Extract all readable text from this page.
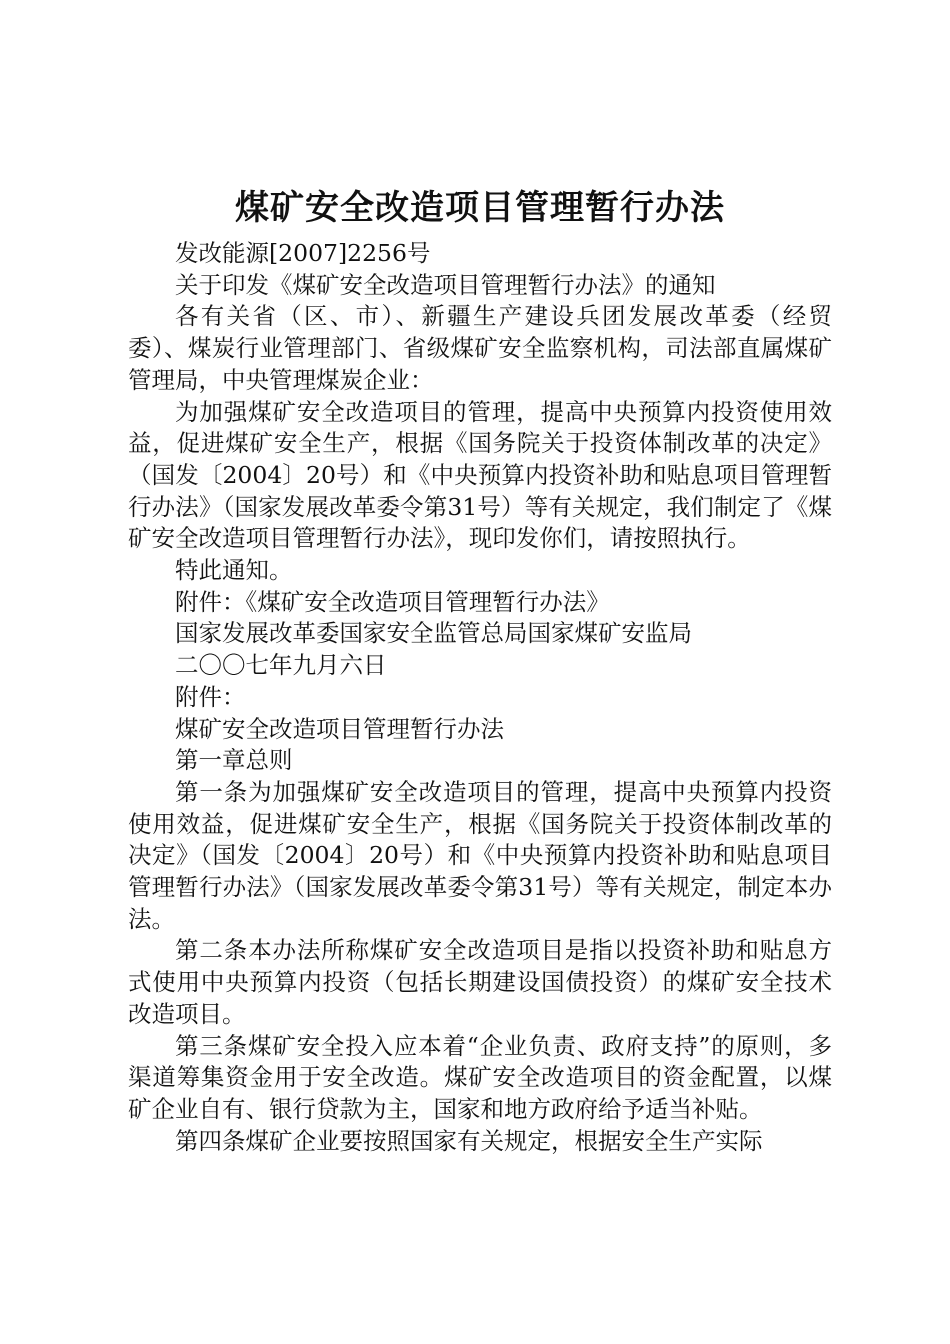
煤矿安全改造项目管理暂行办法

发改能源[2007]2256号

关于印发《煤矿安全改造项目管理暂行办法》的通知

各有关省（区、市）、新疆生产建设兵团发展改革委（经贸委）、煤炭行业管理部门、省级煤矿安全监察机构，司法部直属煤矿管理局，中央管理煤炭企业：

为加强煤矿安全改造项目的管理，提高中央预算内投资使用效益，促进煤矿安全生产，根据《国务院关于投资体制改革的决定》（国发〔2004〕20号）和《中央预算内投资补助和贴息项目管理暂行办法》（国家发展改革委令第31号）等有关规定，我们制定了《煤矿安全改造项目管理暂行办法》，现印发你们，请按照执行。

特此通知。

附件：《煤矿安全改造项目管理暂行办法》

国家发展改革委国家安全监管总局国家煤矿安监局

二〇〇七年九月六日

附件：

煤矿安全改造项目管理暂行办法

第一章总则

第一条为加强煤矿安全改造项目的管理，提高中央预算内投资使用效益，促进煤矿安全生产，根据《国务院关于投资体制改革的决定》（国发〔2004〕20号）和《中央预算内投资补助和贴息项目管理暂行办法》（国家发展改革委令第31号）等有关规定，制定本办法。

第二条本办法所称煤矿安全改造项目是指以投资补助和贴息方式使用中央预算内投资（包括长期建设国债投资）的煤矿安全技术改造项目。

第三条煤矿安全投入应本着“企业负责、政府支持”的原则，多渠道筹集资金用于安全改造。煤矿安全改造项目的资金配置，以煤矿企业自有、银行贷款为主，国家和地方政府给予适当补贴。

第四条煤矿企业要按照国家有关规定，根据安全生产实际
